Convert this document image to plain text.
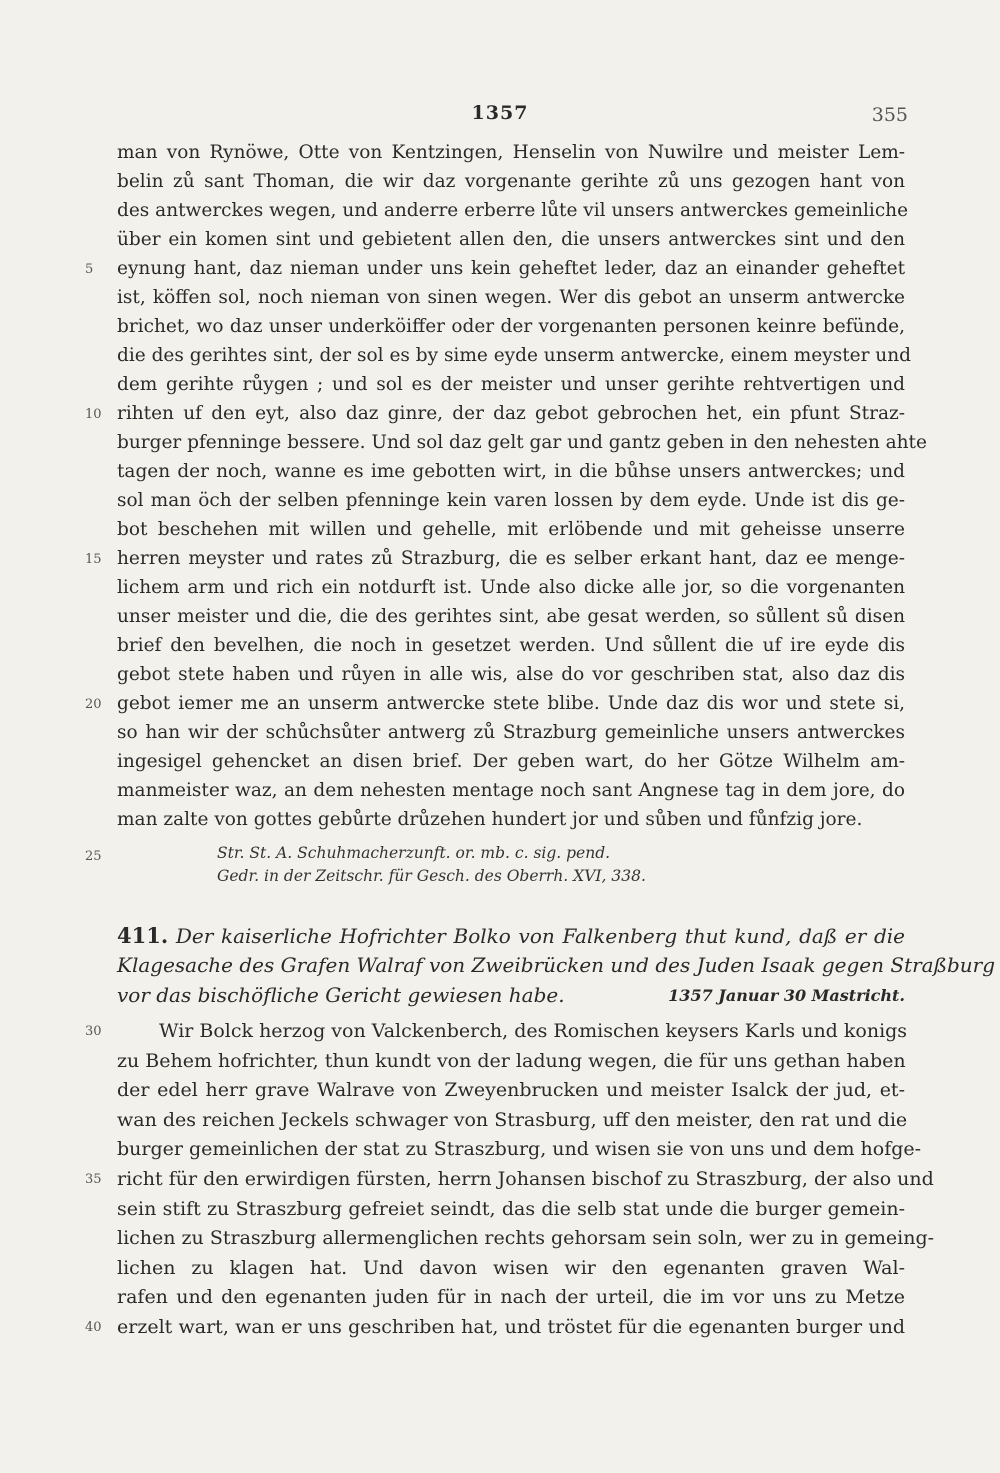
1357	355
man von Rynöwe, Otte von Kentzingen, Henselin von Nuwilre und meister Lem-
belin zů sant Thoman, die wir daz vorgenante gerihte zů uns gezogen hant von
des antwerckes wegen, und anderre erberre lůte vil unsers antwerckes gemeinliche
über ein komen sint und gebietent allen den, die unsers antwerckes sint und den
eynung hant, daz nieman under uns kein geheftet leder, daz an einander geheftet
ist, köffen sol, noch nieman von sinen wegen. Wer dis gebot an unserm antwercke
brichet, wo daz unser underköiffer oder der vorgenanten personen keinre befünde,
die des gerihtes sint, der sol es by sime eyde unserm antwercke, einem meyster und
dem gerihte růygen ; und sol es der meister und unser gerihte rehtvertigen und
rihten uf den eyt, also daz ginre, der daz gebot gebrochen het, ein pfunt Straz-
burger pfenninge bessere. Und sol daz gelt gar und gantz geben in den nehesten ahte
tagen der noch, wanne es ime gebotten wirt, in die bůhse unsers antwerckes; und
sol man öch der selben pfenninge kein varen lossen by dem eyde. Unde ist dis ge-
bot beschehen mit willen und gehelle, mit erlöbende und mit geheisse unserre
herren meyster und rates zů Strazburg, die es selber erkant hant, daz ee menge-
lichem arm und rich ein notdurft ist. Unde also dicke alle jor, so die vorgenanten
unser meister und die, die des gerihtes sint, abe gesat werden, so sůllent sů disen
brief den bevelhen, die noch in gesetzet werden. Und sůllent die uf ire eyde dis
gebot stete haben und růyen in alle wis, alse do vor geschriben stat, also daz dis
gebot iemer me an unserm antwercke stete blibe. Unde daz dis wor und stete si,
so han wir der schůchsůter antwerg zů Strazburg gemeinliche unsers antwerckes
ingesigel gehencket an disen brief. Der geben wart, do her Götze Wilhelm am-
manmeister waz, an dem nehesten mentage noch sant Angnese tag in dem jore, do
man zalte von gottes gebůrte drůzehen hundert jor und sůben und fůnfzig jore.
5
10
15
20
25	Str. St. A. Schuhmacherzunft. or. mb. c. sig. pend.
Gedr. in der Zeitschr. für Gesch. des Oberrh. XVI, 338.
411. Der kaiserliche Hofrichter Bolko von Falkenberg thut kund, daß er die
Klagesache des Grafen Walraf von Zweibrücken und des Juden Isaak gegen Straßburg
vor das bischöfliche Gericht gewiesen habe.	1357 Januar 30 Mastricht.
Wir Bolck herzog von Valckenberch, des Romischen keysers Karls und konigs
zu Behem hofrichter, thun kundt von der ladung wegen, die für uns gethan haben
der edel herr grave Walrave von Zweyenbrucken und meister Isalck der jud, et-
wan des reichen Jeckels schwager von Strasburg, uff den meister, den rat und die
burger gemeinlichen der stat zu Straszburg, und wisen sie von uns und dem hofge-
richt für den erwirdigen fürsten, herrn Johansen bischof zu Straszburg, der also und
sein stift zu Straszburg gefreiet seindt, das die selb stat unde die burger gemein-
lichen zu Straszburg allermenglichen rechts gehorsam sein soln, wer zu in gemeing-
lichen zu klagen hat. Und davon wisen wir den egenanten graven Wal-
rafen und den egenanten juden für in nach der urteil, die im vor uns zu Metze
erzelt wart, wan er uns geschriben hat, und tröstet für die egenanten burger und
30
35
40
